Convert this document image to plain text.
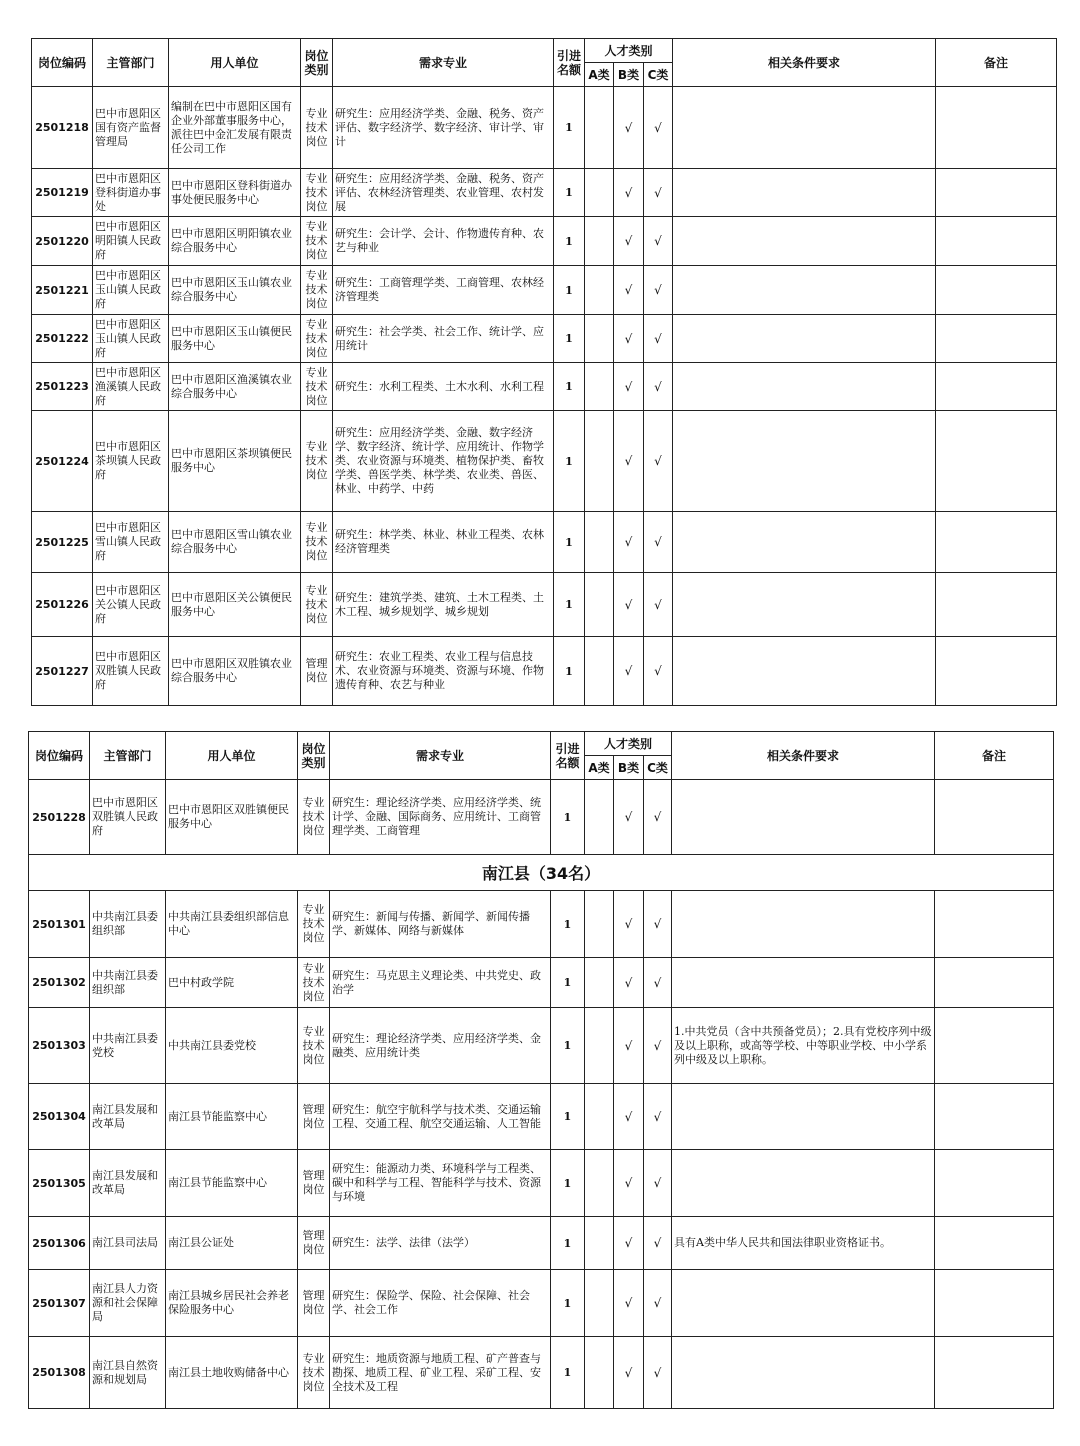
岗位编码	主管部门	用人单位	岗位类别	需求专业	引进名额	人才类别			相关条件要求	备注
						A类	B类	C类		
2501218	巴中市恩阳区国有资产监督管理局	编制在巴中市恩阳区国有企业外部董事服务中心，派往巴中金汇发展有限责任公司工作	专业技术岗位	研究生：应用经济学类、金融、税务、资产评估、数字经济学、数字经济、审计学、审计	1		√	√		
2501219	巴中市恩阳区登科街道办事处	巴中市恩阳区登科街道办事处便民服务中心	专业技术岗位	研究生：应用经济学类、金融、税务、资产评估、农林经济管理类、农业管理、农村发展	1		√	√		
2501220	巴中市恩阳区明阳镇人民政府	巴中市恩阳区明阳镇农业综合服务中心	专业技术岗位	研究生：会计学、会计、作物遗传育种、农艺与种业	1		√	√		
2501221	巴中市恩阳区玉山镇人民政府	巴中市恩阳区玉山镇农业综合服务中心	专业技术岗位	研究生：工商管理学类、工商管理、农林经济管理类	1		√	√		
2501222	巴中市恩阳区玉山镇人民政府	巴中市恩阳区玉山镇便民服务中心	专业技术岗位	研究生：社会学类、社会工作、统计学、应用统计	1		√	√		
2501223	巴中市恩阳区渔溪镇人民政府	巴中市恩阳区渔溪镇农业综合服务中心	专业技术岗位	研究生：水利工程类、土木水利、水利工程	1		√	√		
2501224	巴中市恩阳区茶坝镇人民政府	巴中市恩阳区茶坝镇便民服务中心	专业技术岗位	研究生：应用经济学类、金融、数字经济学、数字经济、统计学、应用统计、作物学类、农业资源与环境类、植物保护类、畜牧学类、兽医学类、林学类、农业类、兽医、林业、中药学、中药	1		√	√		
2501225	巴中市恩阳区雪山镇人民政府	巴中市恩阳区雪山镇农业综合服务中心	专业技术岗位	研究生：林学类、林业、林业工程类、农林经济管理类	1		√	√		
2501226	巴中市恩阳区关公镇人民政府	巴中市恩阳区关公镇便民服务中心	专业技术岗位	研究生：建筑学类、建筑、土木工程类、土木工程、城乡规划学、城乡规划	1		√	√		
2501227	巴中市恩阳区双胜镇人民政府	巴中市恩阳区双胜镇农业综合服务中心	管理岗位	研究生：农业工程类、农业工程与信息技术、农业资源与环境类、资源与环境、作物遗传育种、农艺与种业	1		√	√		
岗位编码	主管部门	用人单位	岗位类别	需求专业	引进名额	人才类别			相关条件要求	备注
						A类	B类	C类		
2501228	巴中市恩阳区双胜镇人民政府	巴中市恩阳区双胜镇便民服务中心	专业技术岗位	研究生：理论经济学类、应用经济学类、统计学、金融、国际商务、应用统计、工商管理学类、工商管理	1		√	√		
南江县（34名）										
2501301	中共南江县委组织部	中共南江县委组织部信息中心	专业技术岗位	研究生：新闻与传播、新闻学、新闻传播学、新媒体、网络与新媒体	1		√	√		
2501302	中共南江县委组织部	巴中村政学院	专业技术岗位	研究生：马克思主义理论类、中共党史、政治学	1		√	√		
2501303	中共南江县委党校	中共南江县委党校	专业技术岗位	研究生：理论经济学类、应用经济学类、金融类、应用统计类	1		√	√	1.中共党员（含中共预备党员）；2.具有党校序列中级及以上职称，或高等学校、中等职业学校、中小学系列中级及以上职称。	
2501304	南江县发展和改革局	南江县节能监察中心	管理岗位	研究生：航空宇航科学与技术类、交通运输工程、交通工程、航空交通运输、人工智能	1		√	√		
2501305	南江县发展和改革局	南江县节能监察中心	管理岗位	研究生：能源动力类、环境科学与工程类、碳中和科学与工程、智能科学与技术、资源与环境	1		√	√		
2501306	南江县司法局	南江县公证处	管理岗位	研究生：法学、法律（法学）	1		√	√	具有A类中华人民共和国法律职业资格证书。	
2501307	南江县人力资源和社会保障局	南江县城乡居民社会养老保险服务中心	管理岗位	研究生：保险学、保险、社会保障、社会学、社会工作	1		√	√		
2501308	南江县自然资源和规划局	南江县土地收购储备中心	专业技术岗位	研究生：地质资源与地质工程、矿产普查与勘探、地质工程、矿业工程、采矿工程、安全技术及工程	1		√	√		
